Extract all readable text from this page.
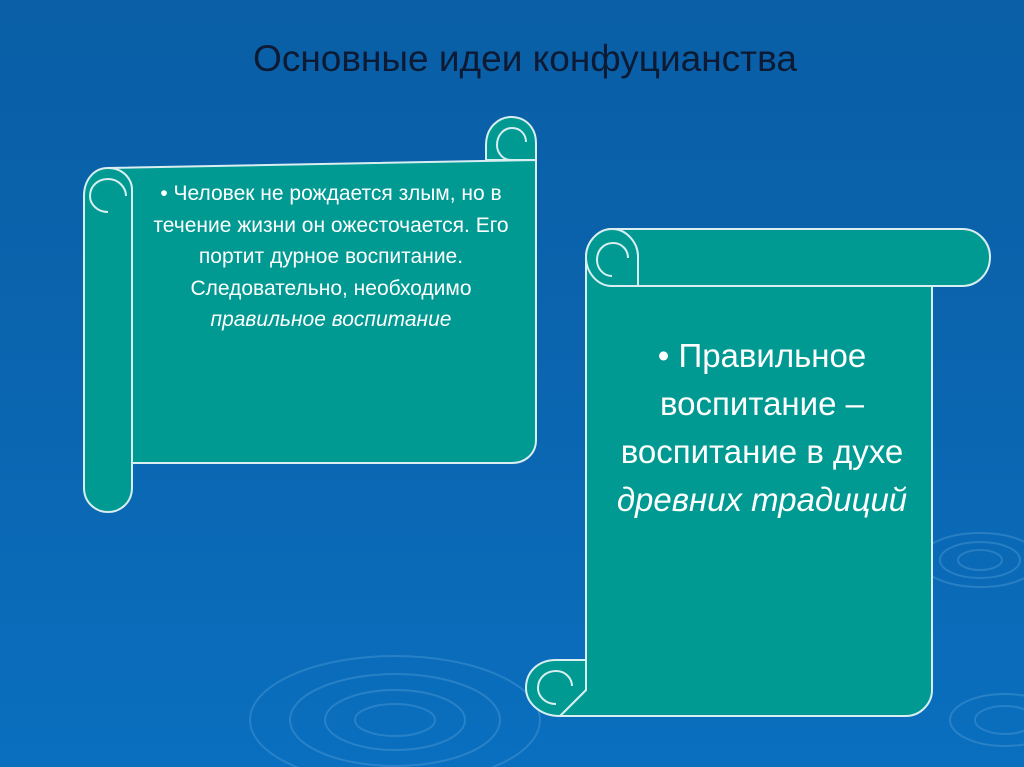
Основные идеи конфуцианства
• Человек не рождается злым, но в течение жизни он ожесточается. Его портит дурное воспитание. Следовательно, необходимо правильное воспитание
• Правильное воспитание – воспитание в духе древних традиций
